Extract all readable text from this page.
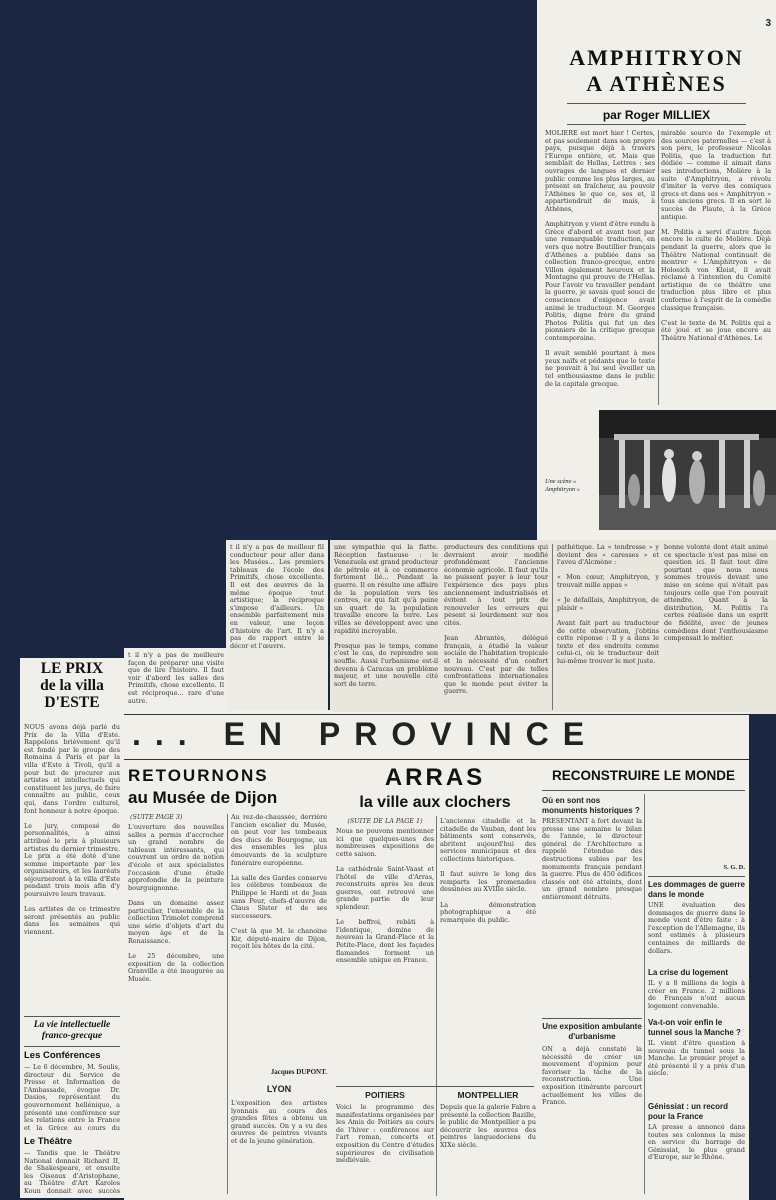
3
AMPHITRYON
A ATHÈNES
par Roger MILLIEX
MOLIÈRE est mort hier ! Certes, et pas seulement dans son propre pays, puisque déjà à travers l'Europe entière, et. Mais que semblait de Hellas, Lettres : ses ouvrages de langues et dernier public comme les plus larges, au présent en fraîcheur, au pouvoir l'Athènes le que ce, ses et, il appartiendrait de mais, à Athènes,

Amphitryon y vient d'être rendu à Grèce d'abord et avant tout par une remarquable traduction, en vers que notre Boutillier français d'Athènes a publiée dans sa collection franco-grecque, entre Villon également heureux et la Montagne qui prouve de l'Hellas. Pour l'avoir vu travailler pendant la guerre, je savais quel souci de conscience d'exigence avait animé le traducteur. M. Georges Politis, digne frère du grand Photos Politis qui fut un des pionniers de la critique grecque contemporaine.

Il avait semblé pourtant à mes yeux naïfs et pédants que le texte ne pouvait à lui seul éveiller un tel enthousiasme dans le public de la capitale grecque.
mirable source de l'exemple et des sources paternelles — c'est à son père, le professeur Nicolas Politis, que la traduction fut dédiée — comme il aimait dans ses introductions, Molière à la suite d'Amphitryon, a révolu d'imiter la verve des comiques grecs et dans ses « Amphitryon » tous anciens grecs. Il en sort le succès de Plaute, à la Grèce antique.

M. Politis a servi d'autre façon encore le culte de Molière. Déjà pendant la guerre, alors que le Théâtre National continuait de montrer « L'Amphitryon » de Holoeich von Kleist, il avait réclamé à l'intention du Comité artistique de ce théâtre une traduction plus libre et plus conforme à l'esprit de la comédie classique française.

C'est le texte de M. Politis qui a été joué et se joue encore au Théâtre National d'Athènes. Le
Une scène « Amphitryon »
une sympathie qui la flatte. Réception fastueuse : le Venezuela est grand producteur de pétrole et à ce commerce fortement lié... Pendant la guerre. Il en résulte une affaire de la population vers les centres, ce qui fait qu'à peine un quart de la population travaille encore la terre. Les villes se développent avec une rapidité incroyable.

Presque pas le temps, comme c'est le cas, de reprendre son souffle. Aussi l'urbanisme est-il devenu à Caracas un problème majeur, et une nouvelle cité sort de terre.
producteurs des conditions qui devraient avoir modifié profondément l'ancienne économie agricole. Il faut qu'ils ne puissent payer à leur tour l'expérience des pays plus anciennement industrialisés et évitent à tout prix de renouveler les erreurs qui pèsent si lourdement sur nos cités.

Jean Abrantès, délégué français, a étudié la valeur sociale de l'habitation tropicale et la nécessité d'un confort nouveau. C'est par de telles confrontations internationales que le monde peut éviter la guerre.
pathétique. La « tendresse » y devient des « caresses » et l'aveu d'Alcmène :

« Mon cœur, Amphitryon, y trouvait mille appas »

« Je défaillais, Amphitryon, de plaisir »

Avant fait part au traducteur de cette observation, j'obtins cette réponse : Il y a dans le texte et des endroits comme celui-ci, où le traducteur doit lui-même trouver le mot juste.
bonne volonté dont était animé ce spectacle n'est pas mise en question ici. Il faut tout dire pourtant que nous nous sommes trouvés devant une mise en scène qui n'était pas toujours celle que l'on pouvait attendre. Quant à la distribution, M. Politis l'a certes réalisée dans un esprit de fidélité, avec de jeunes comédiens dont l'enthousiasme compensait le métier.
t il n'y a pas de meilleur fil conducteur pour aller dans les Musées... Les premiers tableaux de l'école des Primitifs, chose excellente. Il est des œuvres de la même époque tout artistique; la réciproque s'impose d'ailleurs. Un ensemble parfaitement mis en valeur, une leçon d'histoire de l'art. Il n'y a pas de rapport entre le décor et l'œuvre.
LE PRIX
de la villa
D'ESTE
NOUS avons déjà parlé du Prix de la Villa d'Este. Rappelons brièvement qu'il est fondé par le groupe des Romains à Paris et par la villa d'Este à Tivoli, qu'il a pour but de procurer aux artistes et intellectuels qui constituent les jurys, de faire connaître au public, ceux qui, dans l'ordre culturel, font honneur à notre époque.

Le jury, composé de personnalités, a ainsi attribué le prix à plusieurs artistes du dernier trimestre. Le prix a été doté d'une somme importante par les organisateurs, et les lauréats séjourneront à la villa d'Este pendant trois mois afin d'y poursuivre leurs travaux.

Les artistes de ce trimestre seront présentés au public dans les semaines qui viennent.
La vie intellectuelle
franco-grecque
Les Conférences
— Le 6 décembre, M. Soulis, directeur du Service de Presse et Information de l'Ambassade, évoque Dr. Dasios, représentant du gouvernement hellénique, a présenté une conférence sur les relations entre la France et la Grèce au cours du

Le Théâtre
— Tandis que le Théâtre National donnait Richard II, de Shakespeare, et ensuite les Oiseaux d'Aristophane, au Théâtre d'Art Karolos Koun donnait avec succès
t il n'y a pas de meilleure façon de préparer une visite que de lire l'histoire. Il faut voir d'abord les salles des Primitifs, chose excellente. Il est réciproque... rare d'une autre.
RETOURNONS
au Musée de Dijon
(SUITE PAGE 3)
L'ouverture des nouvelles salles a permis d'accrocher un grand nombre de tableaux intéressants, qui couvrent un ordre de notion d'école et aux spécialistes l'occasion d'une étude approfondie de la peinture bourguignonne.

Dans un domaine assez particulier, l'ensemble de la collection Trimolet comprend une série d'objets d'art du moyen âge et de la Renaissance.

Le 25 décembre, une exposition de la collection Granville a été inaugurée au Musée.
Au rez-de-chaussée, derrière l'ancien escalier du Musée, on peut voir les tombeaux des ducs de Bourgogne, un des ensembles les plus émouvants de la sculpture funéraire européenne.

La salle des Gardes conserve les célèbres tombeaux de Philippe le Hardi et de Jean sans Peur, chefs-d'œuvre de Claus Sluter et de ses successeurs.

C'est là que M. le chanoine Kir, député-maire de Dijon, reçoit les hôtes de la cité.
Jacques DUPONT.
LYON
L'exposition des artistes lyonnais au cours des grandes fêtes a obtenu un grand succès. On y a vu des œuvres de peintres vivants et de la jeune génération.
... EN PROVINCE
ARRAS
la ville aux clochers
(SUITE DE LA PAGE 1)
Nous ne pouvons mentionner ici que quelques-unes des nombreuses expositions de cette saison.

La cathédrale Saint-Vaast et l'hôtel de ville d'Arras, reconstruits après les deux guerres, ont retrouvé une grande partie de leur splendeur.

Le beffroi, rebâti à l'identique, domine de nouveau la Grand-Place et la Petite-Place, dont les façades flamandes forment un ensemble unique en France.
L'ancienne citadelle et la citadelle de Vauban, dont les bâtiments sont conservés, abritent aujourd'hui des services municipaux et des collections historiques.

Il faut suivre le long des remparts les promenades dessinées au XVIIIe siècle.

La démonstration photographique a été remarquée du public.
POITIERS
Voici le programme des manifestations organisées par les Amis de Poitiers au cours de l'hiver : conférences sur l'art roman, concerts et exposition du Centre d'études supérieures de civilisation médiévale.
MONTPELLIER
Depuis que la galerie Fabre a présenté la collection Bazille, le public de Montpellier a pu découvrir les œuvres des peintres languedociens du XIXe siècle.
RECONSTRUIRE LE MONDE
Où en sont nos monuments historiques ?
PRESENTANT à fort devant la presse une semaine le bilan de l'année, le directeur général de l'Architecture a rappelé l'étendue des destructions subies par les monuments français pendant la guerre. Plus de 450 édifices classés ont été atteints, dont un grand nombre presque entièrement détruits.
S. G. D.
Les dommages de guerre dans le monde
UNE évaluation des dommages de guerre dans le monde vient d'être faite : à l'exception de l'Allemagne, ils sont estimés à plusieurs centaines de milliards de dollars.
La crise du logement
IL y a 8 millions de logis à créer en France. 2 millions de Français n'ont aucun logement convenable.
Va-t-on voir enfin le tunnel sous la Manche ?
IL vient d'être question à nouveau du tunnel sous la Manche. Le premier projet a été présenté il y a près d'un siècle.
Une exposition ambulante d'urbanisme
ON a déjà constaté la nécessité de créer un mouvement d'opinion pour favoriser la tâche de la reconstruction. Une exposition itinérante parcourt actuellement les villes de France.	Génissiat : un record pour la France
LA presse a annoncé dans toutes ses colonnes la mise en service du barrage de Génissiat, le plus grand d'Europe, sur le Rhône.
